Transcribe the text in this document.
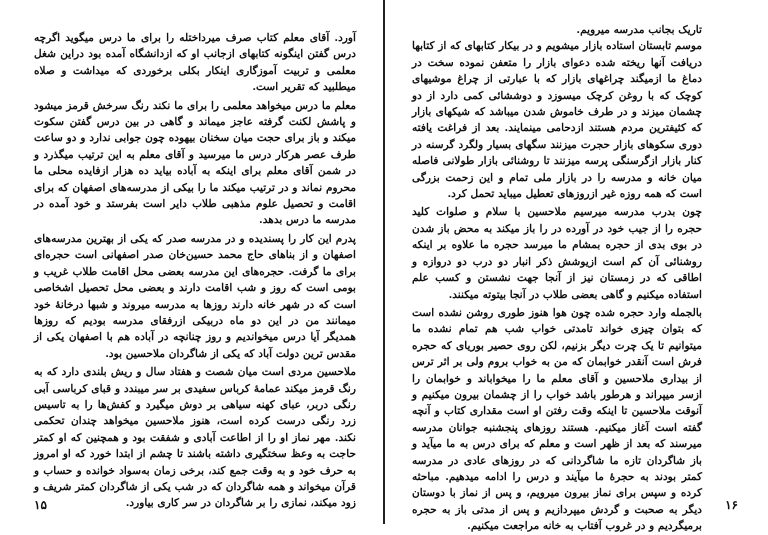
آورد. آقای معلم کتاب صرف میرداختله را برای ما درس میگوید اگرچه درس گفتن اینگونه کتابهای ازجانب او که ازدانشگاه آمده بود دراین شغل معلمی و تربیت آموزگاری اینکار بکلی برخوردی که میداشت و صلاه میطلبید که تقریر است.

معلم ما درس میخواهد معلمی را برای ما نکند رنگ سرخش قرمز میشود و پاشش لکنت گرفته عاجز میماند و گاهی در بین درس گفتن سکوت میکند و باز برای حجت میان سخنان بیهوده چون جوابی ندارد و دو ساعت طرف عصر هرکار درس ما میرسید و آقای معلم به این ترتیب میگذرد و در شمن آقای معلم برای اینکه به آباده بیاید ده هزار ازفایده محلی ما محروم نماند و در ترتیب میکند ما را بیکی از مدرسه‌های اصفهان که برای اقامت و تحصیل علوم مذهبی طلاب دایر است بفرستد و خود آمده در مدرسه ما درس بدهد.

پدرم این کار را پسندیده و در مدرسه صدر که یکی از بهترین مدرسه‌های اصفهان و از بناهای حاج محمد حسین‌خان صدر اصفهانی است حجره‌ای برای ما گرفت. حجره‌های این مدرسه بعضی محل اقامت طلاب غریب و بومی است که روز و شب اقامت دارند و بعضی محل تحصیل اشخاصی است که در شهر خانه دارند روزها به مدرسه میروند و شبها درخانهٔ خود میمانند من در این دو ماه دربیکی ازرفقای مدرسه بودیم که روزها همدیگر آیا درس میخواندیم و روز چنانچه در آباده هم با اصفهان یکی از مقدس ترین دولت آباد که یکی از شاگردان ملاحسین بود.

ملاحسین مردی است میان شصت و هفتاد سال و ریش بلندی دارد که به رنگ قرمز میکند عمامهٔ کرباس سفیدی بر سر میبندد و قبای کرباسی آبی رنگی دربر، عبای کهنه سیاهی بر دوش میگیرد و کفش‌ها را به تاسیس زرد رنگی درست کرده است، هنوز ملاحسین میخواهد چندان تحکمی نکند. مهر نماز او را از اطاعت آبادی و شفقت بود و همچنین که او کمتر حاجت به وعظ سختگیری داشته باشند تا چشم از ابتدا خورد که او امروز به حرف خود و به وقت جمع کند، برخی زمان به‌سواد خوانده و حساب و قرآن میخواند و همه شاگردان که در شب یکی از شاگردان کمتر شریف و زود میکند، نمازی را بر شاگردان در سر کاری بیاورد.

۱۵

تاریک بجانب مدرسه میرویم.

موسم تابستان استاده بازار میشویم و در بیکار کتابهای که از کتابها دریافت آنها ریخته شده دعوای بازار را متعفن نموده سخت در دماغ ما ازمیگند چراغهای بازار که با عبارتی از چراغ موشیهای کوچک‌ که با روغن کرچک میسوزد و دوششائی کمی دارد از دو چشمان میزند و در طرف خاموش شدن میباشد که شیکهای بازار که کثیفترین مردم هستند ازدحامی مینمایند. بعد از فراغت یافته دوری سکوهای بازار حجرت میزنند سگهای بسیار ولگرد گرسنه در کنار بازار ازگرسنگی پرسه میزنند تا روشنائی بازار طولانی فاصله میان خانه و مدرسه را در بازار ملی تمام و این زحمت بزرگی است که همه روزه غیر ازروزهای تعطیل میباید تحمل کرد.

چون بدرب مدرسه میرسیم ملاحسین با سلام و صلوات کلید حجره را از جیب خود در آورده در را باز میکند به محض باز شدن در بوی بدی از حجره بمشام ما میرسد حجره ما علاوه بر اینکه روشنائی آن کم است ازیوشش ذکر انبار دو درب دو دروازه و اطاقی که در زمستان نیز از آنجا جهت نشستن و کسب علم استفاده میکنیم و گاهی بعضی طلاب در آنجا بیتوته میکنند.

بالجمله وارد حجره شده چون هوا هنوز طوری روشن نشده است که بتوان چیزی خواند تامدتی خواب شب هم تمام نشده‌ ما میتوانیم تا یک چرت دیگر بزنیم، لکن روی حصیر بوریای که حجره فرش است آنقدر خوابمان که من به خواب بروم ولی بر اثر ترس از بیداری ملاحسین و آقای معلم ما را میخواباند و خوابمان را ازسر میپراند و هرطور باشد خواب را از چشمان بیرون میکنیم و آنوقت ملاحسین تا اینکه وقت رفتن او است مقداری کتاب و آنچه گفته است آغاز میکنیم. هستند روزهای پنجشنبه جوانان مدرسه میرسند که بعد از ظهر است و معلم که برای درس به ما میآید و باز شاگردان تازه ما شاگردانی که در روزهای عادی در مدرسه کمتر بودند به حجرهٔ ما میآیند و درس را ادامه میدهیم. مباحثه کرده و سپس برای نماز بیرون میرویم، و پس از نماز با دوستان دیگر به صحبت و گردش میپردازیم و پس از مدتی باز به حجره برمیگردیم و در غروب آفتاب به خانه مراجعت میکنیم.

۱۶
